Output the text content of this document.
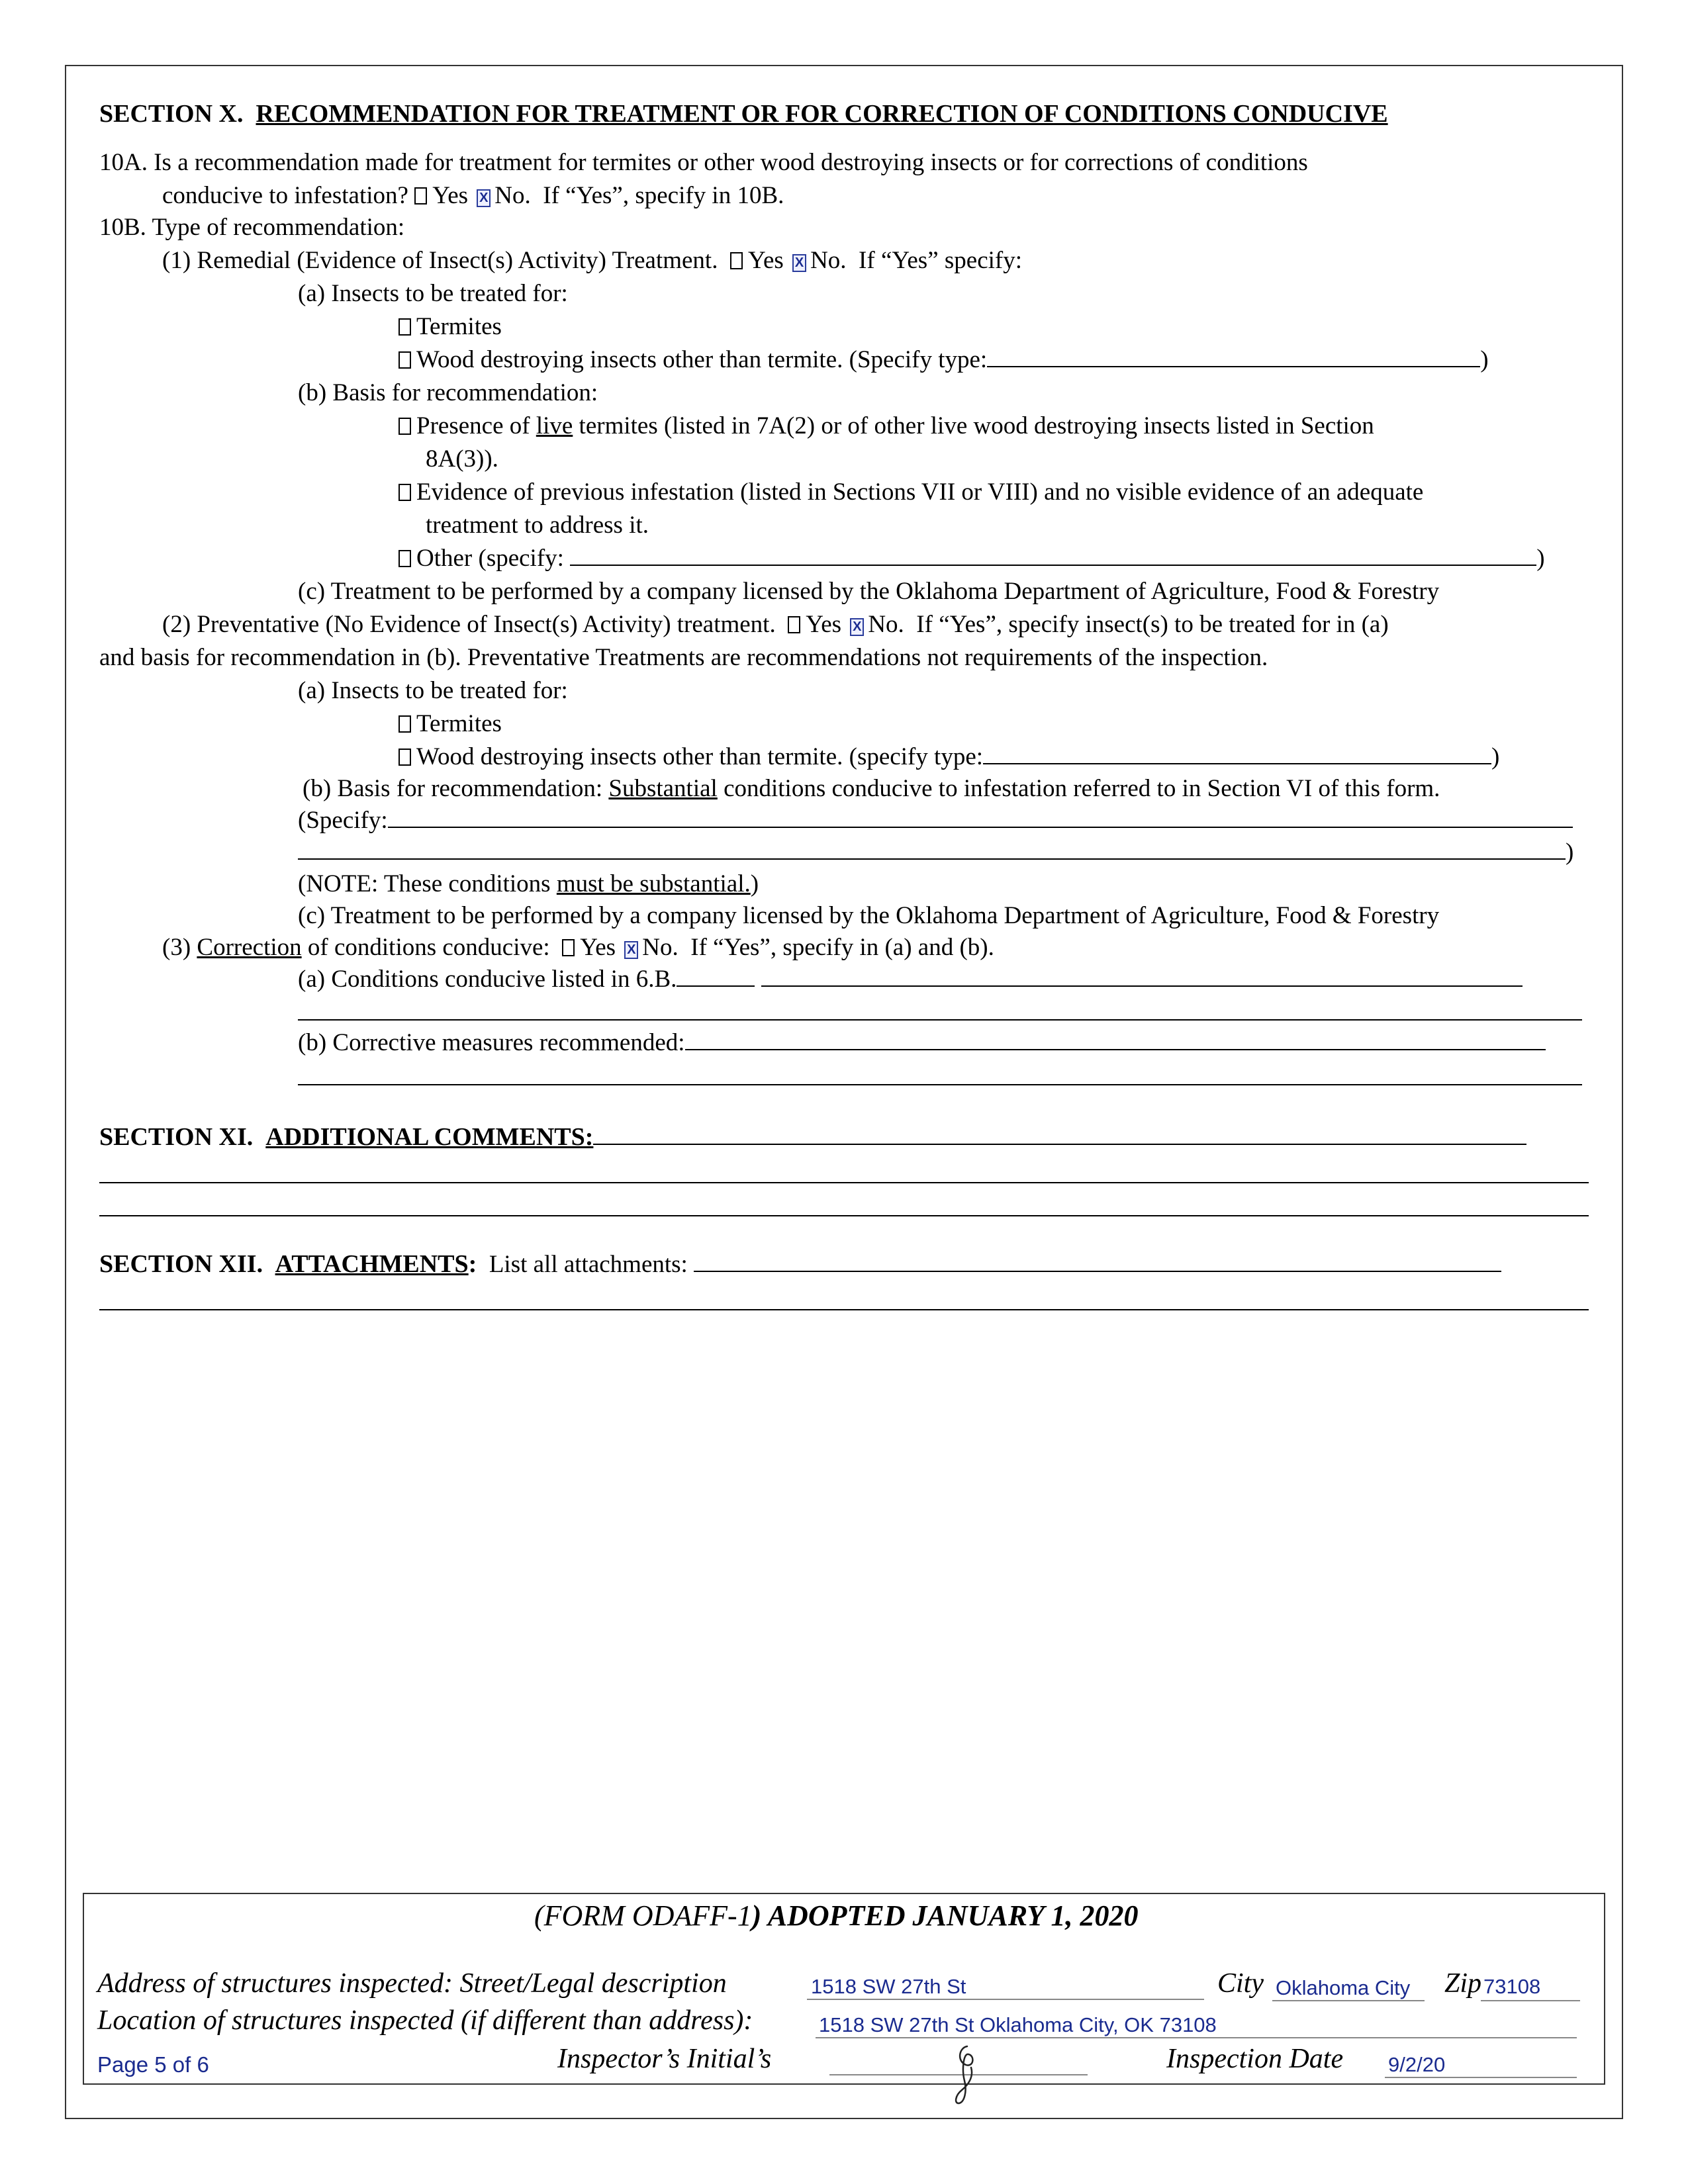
SECTION X. RECOMMENDATION FOR TREATMENT OR FOR CORRECTION OF CONDITIONS CONDUCIVE
10A. Is a recommendation made for treatment for termites or other wood destroying insects or for corrections of conditions
conducive to infestation? Yes X No. If “Yes”, specify in 10B.
10B. Type of recommendation:
(1) Remedial (Evidence of Insect(s) Activity) Treatment. Yes X No. If “Yes” specify:
(a) Insects to be treated for:
Termites
Wood destroying insects other than termite. (Specify type:	)
(b) Basis for recommendation:
Presence of live termites (listed in 7A(2) or of other live wood destroying insects listed in Section
8A(3)).
Evidence of previous infestation (listed in Sections VII or VIII) and no visible evidence of an adequate
treatment to address it.
Other (specify:	)
(c) Treatment to be performed by a company licensed by the Oklahoma Department of Agriculture, Food & Forestry
(2) Preventative (No Evidence of Insect(s) Activity) treatment. Yes X No. If “Yes”, specify insect(s) to be treated for in (a)
and basis for recommendation in (b). Preventative Treatments are recommendations not requirements of the inspection.
(a) Insects to be treated for:
Termites
Wood destroying insects other than termite. (specify type:	)
(b) Basis for recommendation: Substantial conditions conducive to infestation referred to in Section VI of this form.
(Specify:
)
(NOTE: These conditions must be substantial.)
(c) Treatment to be performed by a company licensed by the Oklahoma Department of Agriculture, Food & Forestry
(3) Correction of conditions conducive: Yes X No. If “Yes”, specify in (a) and (b).
(a) Conditions conducive listed in 6.B.
(b) Corrective measures recommended:
SECTION XI. ADDITIONAL COMMENTS:
SECTION XII. ATTACHMENTS: List all attachments:
(FORM ODAFF-1) ADOPTED JANUARY 1, 2020
Address of structures inspected: Street/Legal description	1518 SW 27th St	City Oklahoma City Zip 73108
Location of structures inspected (if different than address):	1518 SW 27th St Oklahoma City, OK 73108
Page 5 of 6	Inspector’s Initial’s	Inspection Date 9/2/20
